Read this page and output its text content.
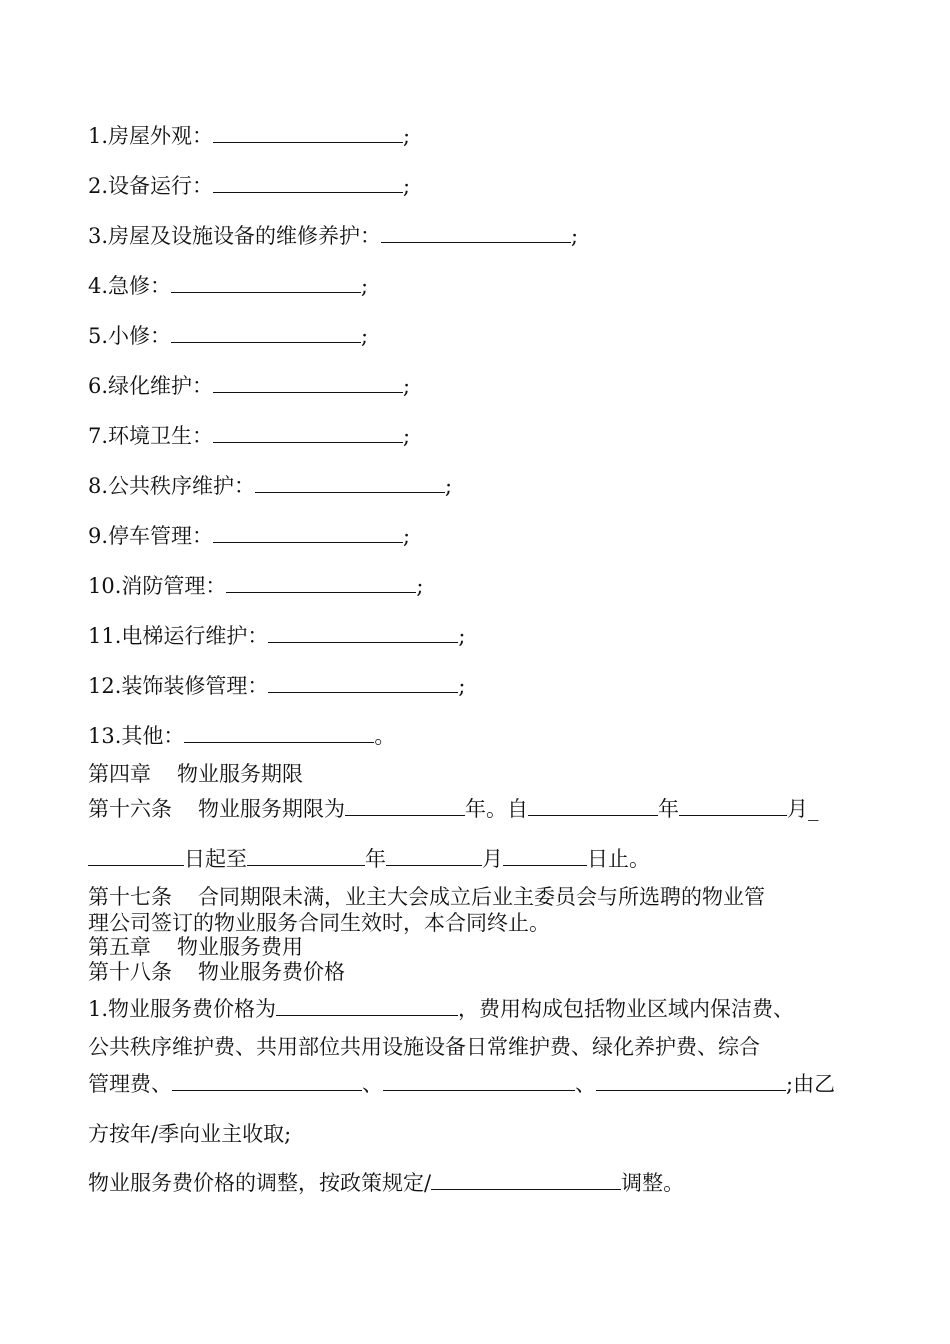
1.房屋外观：	;
2.设备运行：	;
3.房屋及设施设备的维修养护：	;
4.急修：	;
5.小修：	;
6.绿化维护：	;
7.环境卫生：	;
8.公共秩序维护：	;
9.停车管理：	;
10.消防管理：	;
11.电梯运行维护：	;
12.装饰装修管理：	;
13.其他：	。
第四章 物业服务期限
第十六条 物业服务期限为	年。自	年	月_
日起至	年	月	日止。
第十七条 合同期限未满，业主大会成立后业主委员会与所选聘的物业管
理公司签订的物业服务合同生效时，本合同终止。
第五章 物业服务费用
第十八条 物业服务费价格
1.物业服务费价格为	，费用构成包括物业区域内保洁费、
公共秩序维护费、共用部位共用设施设备日常维护费、绿化养护费、综合
管理费、	、	、	;由乙
方按年/季向业主收取;
物业服务费价格的调整，按政策规定/	调整。
